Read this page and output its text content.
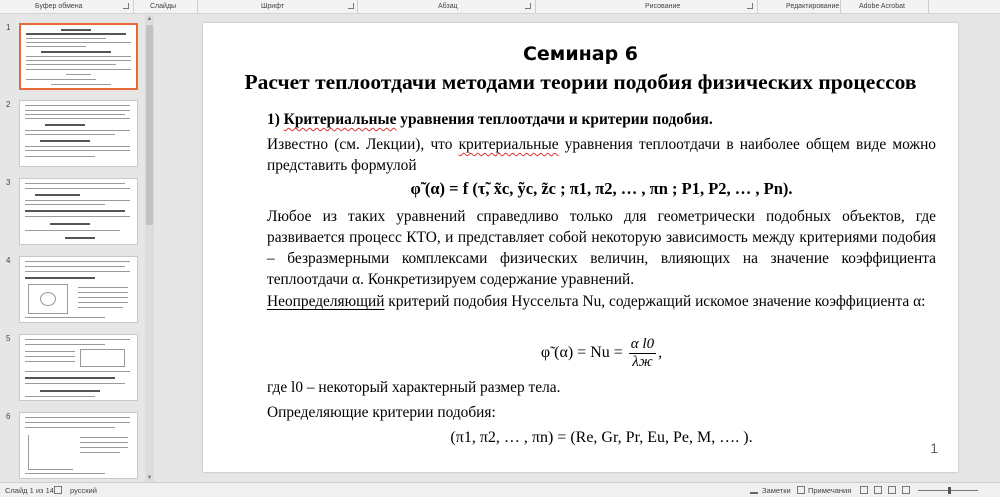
Буфер обмена	Слайды	Шрифт	Абзац	Рисование	Редактирование	Adobe Acrobat
1
2
3
4
5
6
▲
▼
Семинар 6
Расчет теплоотдачи методами теории подобия физических процессов
1) Критериальные уравнения теплоотдачи и критерии подобия.
Известно (см. Лекции), что критериальные уравнения теплоотдачи в наиболее общем виде можно представить формулой
φ̃ (α) = f (τ̃, x̃c, ỹc, z̃c ; π1, π2, … , πn ; P1, P2, … , Pn).
Любое из таких уравнений справедливо только для геометрически подобных объектов, где развивается процесс КТО, и представляет собой некоторую зависимость между критериями подобия – безразмерными комплексами физических величин, влияющих на значение коэффициента теплоотдачи α. Конкретизируем содержание уравнений.
Неопределяющий критерий подобия Нуссельта Nu, содержащий искомое значение коэффициента α:
φ̃ $(\alpha) = Nu = \frac{\text{α l0}}{\lambda ж}$ ,
где l0 – некоторый характерный размер тела.
Определяющие критерии подобия:
(π1, π2, … , πn) = (Re, Gr, Pr, Eu, Pe, M, …. ).
1
Слайд 1 из 14 русский	Заметки Примечания
